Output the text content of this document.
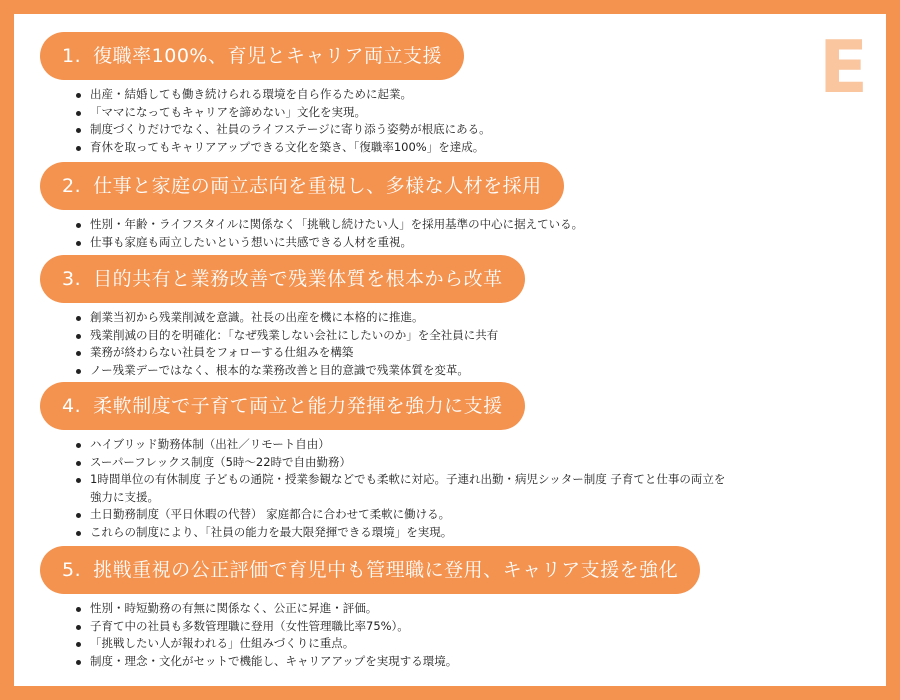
E
1. 復職率100%、育児とキャリア両立支援
出産・結婚しても働き続けられる環境を自ら作るために起業。
「ママになってもキャリアを諦めない」文化を実現。
制度づくりだけでなく、社員のライフステージに寄り添う姿勢が根底にある。
育休を取ってもキャリアアップできる文化を築き、「復職率100%」を達成。
2. 仕事と家庭の両立志向を重視し、多様な人材を採用
性別・年齢・ライフスタイルに関係なく「挑戦し続けたい人」を採用基準の中心に据えている。
仕事も家庭も両立したいという想いに共感できる人材を重視。
3. 目的共有と業務改善で残業体質を根本から改革
創業当初から残業削減を意識。社長の出産を機に本格的に推進。
残業削減の目的を明確化：「なぜ残業しない会社にしたいのか」を全社員に共有
業務が終わらない社員をフォローする仕組みを構築
ノー残業デーではなく、根本的な業務改善と目的意識で残業体質を変革。
4. 柔軟制度で子育て両立と能力発揮を強力に支援
ハイブリッド勤務体制（出社／リモート自由）
スーパーフレックス制度（5時〜22時で自由勤務）
1時間単位の有休制度 子どもの通院・授業参観などでも柔軟に対応。子連れ出勤・病児シッター制度 子育てと仕事の両立を強力に支援。
土日勤務制度（平日休暇の代替） 家庭都合に合わせて柔軟に働ける。
これらの制度により、「社員の能力を最大限発揮できる環境」を実現。
5. 挑戦重視の公正評価で育児中も管理職に登用、キャリア支援を強化
性別・時短勤務の有無に関係なく、公正に昇進・評価。
子育て中の社員も多数管理職に登用（女性管理職比率75%）。
「挑戦したい人が報われる」仕組みづくりに重点。
制度・理念・文化がセットで機能し、キャリアアップを実現する環境。
